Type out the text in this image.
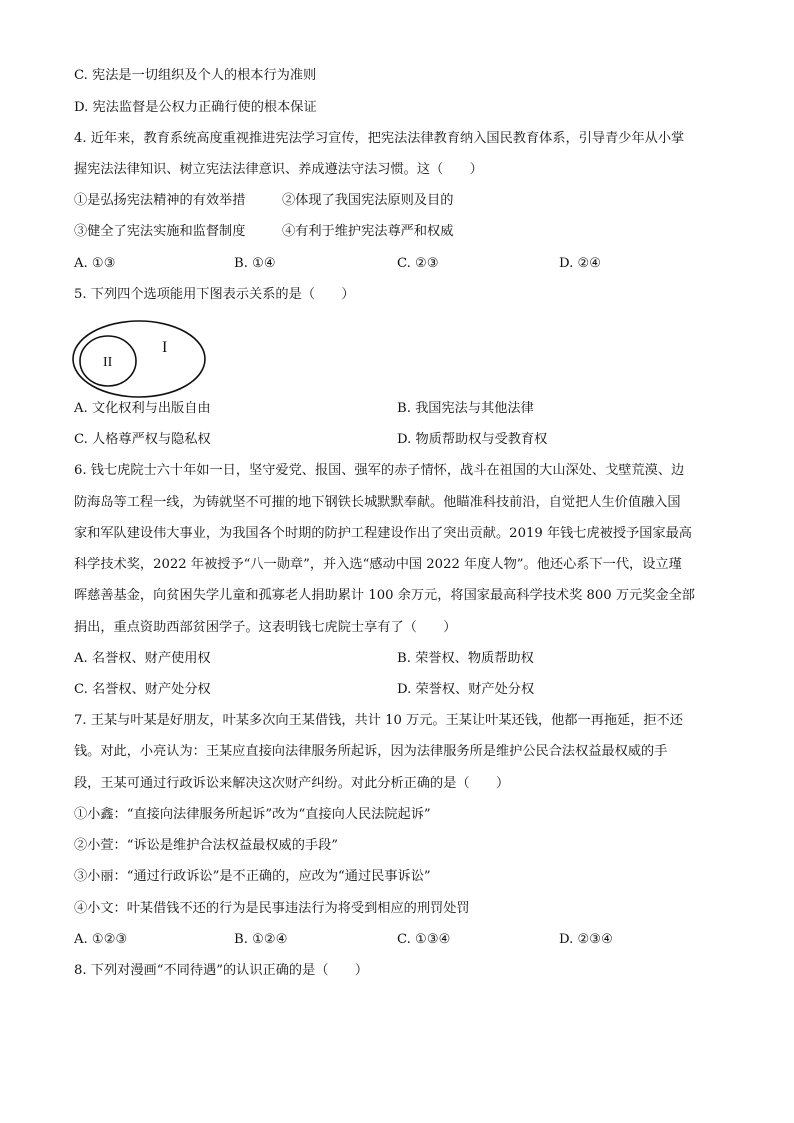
C. 宪法是一切组织及个人的根本行为准则
D. 宪法监督是公权力正确行使的根本保证
4. 近年来，教育系统高度重视推进宪法学习宣传，把宪法法律教育纳入国民教育体系，引导青少年从小掌
握宪法法律知识、树立宪法法律意识、养成遵法守法习惯。这（　　）
①是弘扬宪法精神的有效举措	②体现了我国宪法原则及目的
③健全了宪法实施和监督制度	④有利于维护宪法尊严和权威
A. ①③	B. ①④	C. ②③	D. ②④
5. 下列四个选项能用下图表示关系的是（　　）
I
II
A. 文化权利与出版自由	B. 我国宪法与其他法律
C. 人格尊严权与隐私权	D. 物质帮助权与受教育权
6. 钱七虎院士六十年如一日，坚守爱党、报国、强军的赤子情怀，战斗在祖国的大山深处、戈壁荒漠、边
防海岛等工程一线，为铸就坚不可摧的地下钢铁长城默默奉献。他瞄准科技前沿，自觉把人生价值融入国
家和军队建设伟大事业，为我国各个时期的防护工程建设作出了突出贡献。2019 年钱七虎被授予国家最高
科学技术奖，2022 年被授予“八一勋章”，并入选“感动中国 2022 年度人物”。他还心系下一代，设立瑾
晖慈善基金，向贫困失学儿童和孤寡老人捐助累计 100 余万元，将国家最高科学技术奖 800 万元奖金全部
捐出，重点资助西部贫困学子。这表明钱七虎院士享有了（　　）
A. 名誉权、财产使用权	B. 荣誉权、物质帮助权
C. 名誉权、财产处分权	D. 荣誉权、财产处分权
7. 王某与叶某是好朋友，叶某多次向王某借钱，共计 10 万元。王某让叶某还钱，他都一再拖延，拒不还
钱。对此，小亮认为：王某应直接向法律服务所起诉，因为法律服务所是维护公民合法权益最权威的手
段，王某可通过行政诉讼来解决这次财产纠纷。对此分析正确的是（　　）
①小鑫：“直接向法律服务所起诉”改为“直接向人民法院起诉”
②小萱：“诉讼是维护合法权益最权威的手段”
③小丽：“通过行政诉讼”是不正确的，应改为“通过民事诉讼”
④小文：叶某借钱不还的行为是民事违法行为将受到相应的刑罚处罚
A. ①②③	B. ①②④	C. ①③④	D. ②③④
8. 下列对漫画“不同待遇”的认识正确的是（　　）
